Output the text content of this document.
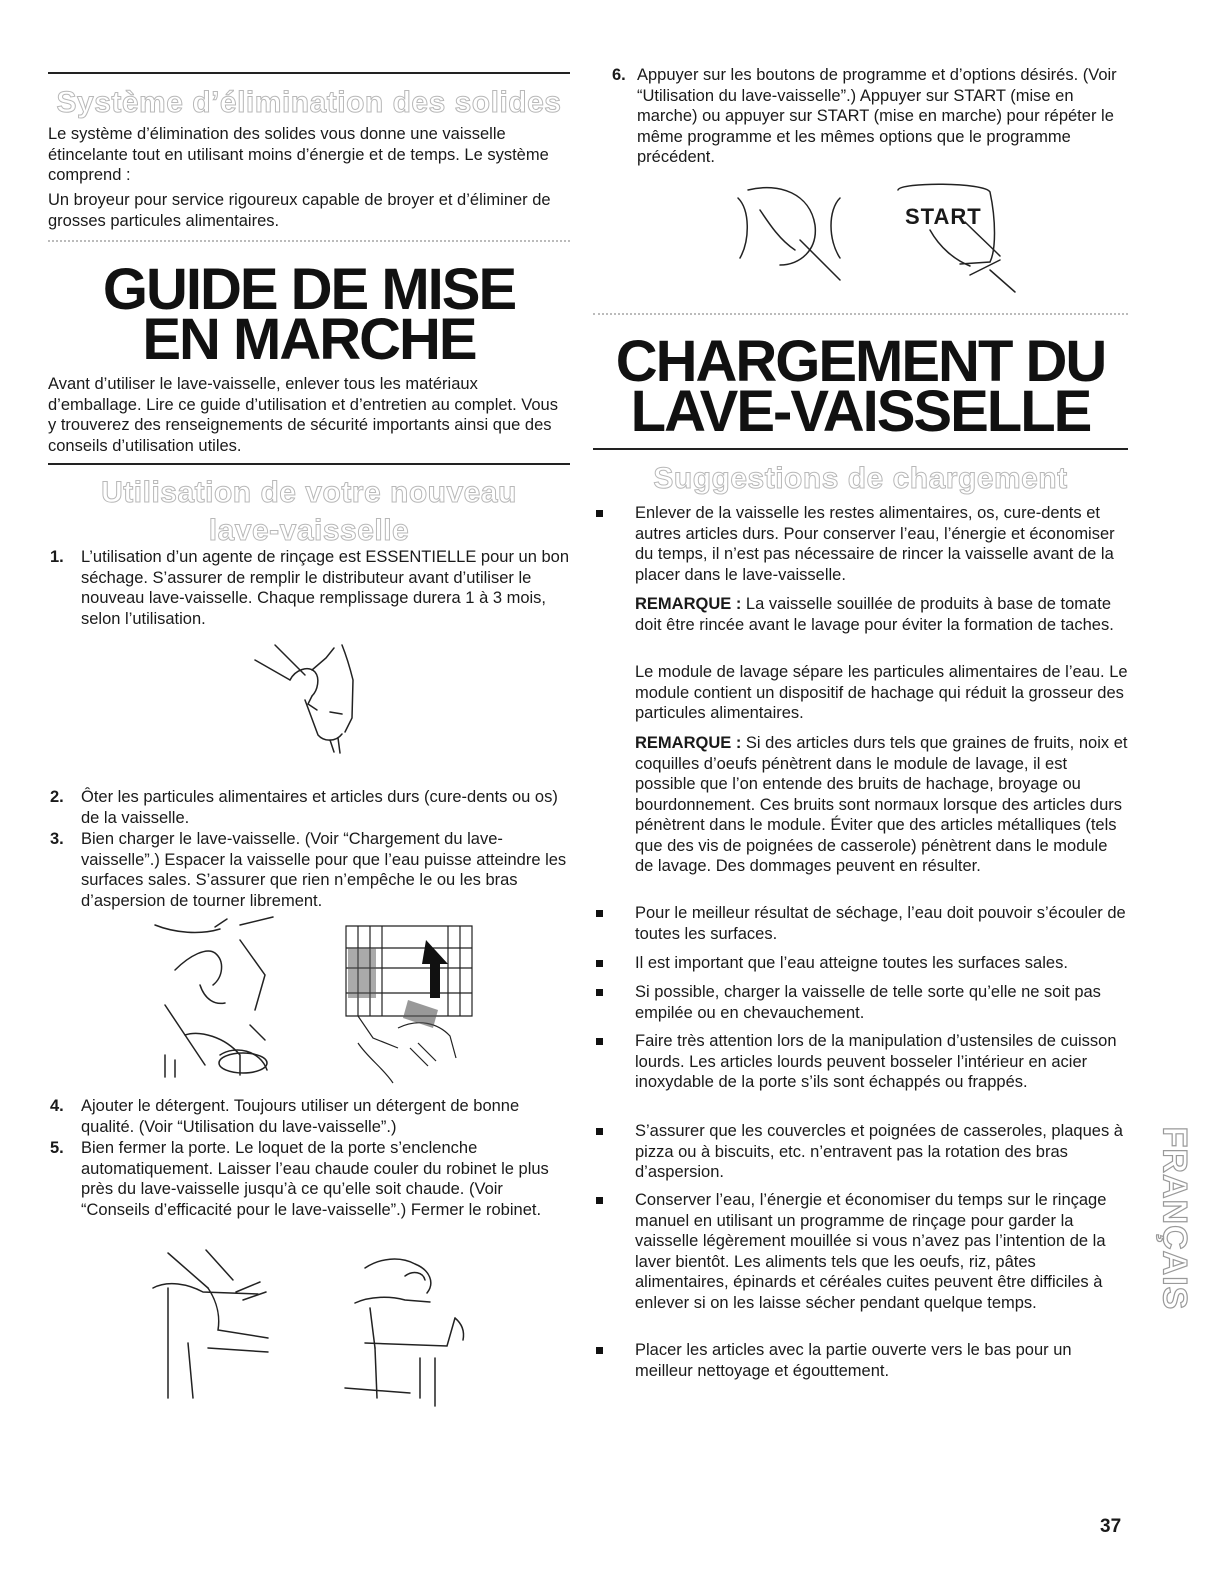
Système d’élimination des solides

Le système d’élimination des solides vous donne une vaisselle étincelante tout en utilisant moins d’énergie et de temps. Le système comprend :

Un broyeur pour service rigoureux capable de broyer et d’éliminer de grosses particules alimentaires.

GUIDE DE MISE
EN MARCHE

Avant d’utiliser le lave-vaisselle, enlever tous les matériaux d’emballage. Lire ce guide d’utilisation et d’entretien au complet. Vous y trouverez des renseignements de sécurité importants ainsi que des conseils d’utilisation utiles.

Utilisation de votre nouveau
lave-vaisselle
1. L’utilisation d’un agente de rinçage est ESSENTIELLE pour un bon séchage. S’assurer de remplir le distributeur avant d’utiliser le nouveau lave-vaisselle. Chaque remplissage durera 1 à 3 mois, selon l’utilisation.
2. Ôter les particules alimentaires et articles durs (cure-dents ou os) de la vaisselle.
3. Bien charger le lave-vaisselle. (Voir “Chargement du lave-vaisselle”.) Espacer la vaisselle pour que l’eau puisse atteindre les surfaces sales. S’assurer que rien n’empêche le ou les bras d’aspersion de tourner librement.
4. Ajouter le détergent. Toujours utiliser un détergent de bonne qualité. (Voir “Utilisation du lave-vaisselle”.)
5. Bien fermer la porte. Le loquet de la porte s’enclenche automatiquement. Laisser l’eau chaude couler du robinet le plus près du lave-vaisselle jusqu’à ce qu’elle soit chaude. (Voir “Conseils d’efficacité pour le lave-vaisselle”.) Fermer le robinet.
6. Appuyer sur les boutons de programme et d’options désirés. (Voir “Utilisation du lave-vaisselle”.) Appuyer sur START (mise en marche) ou appuyer sur START (mise en marche) pour répéter le même programme et les mêmes options que le programme précédent.
START
CHARGEMENT DU
LAVE-VAISSELLE
Suggestions de chargement
Enlever de la vaisselle les restes alimentaires, os, cure-dents et autres articles durs. Pour conserver l’eau, l’énergie et économiser du temps, il n’est pas nécessaire de rincer la vaisselle avant de la placer dans le lave-vaisselle.

REMARQUE : La vaisselle souillée de produits à base de tomate doit être rincée avant le lavage pour éviter la formation de taches.

Le module de lavage sépare les particules alimentaires de l’eau. Le module contient un dispositif de hachage qui réduit la grosseur des particules alimentaires.

REMARQUE : Si des articles durs tels que graines de fruits, noix et coquilles d’oeufs pénètrent dans le module de lavage, il est possible que l’on entende des bruits de hachage, broyage ou bourdonnement. Ces bruits sont normaux lorsque des articles durs pénètrent dans le module. Éviter que des articles métalliques (tels que des vis de poignées de casserole) pénètrent dans le module de lavage. Des dommages peuvent en résulter.

Pour le meilleur résultat de séchage, l’eau doit pouvoir s’écouler de toutes les surfaces.
Il est important que l’eau atteigne toutes les surfaces sales.
Si possible, charger la vaisselle de telle sorte qu’elle ne soit pas empilée ou en chevauchement.
Faire très attention lors de la manipulation d’ustensiles de cuisson lourds. Les articles lourds peuvent bosseler l’intérieur en acier inoxydable de la porte s’ils sont échappés ou frappés.
S’assurer que les couvercles et poignées de casseroles, plaques à pizza ou à biscuits, etc. n’entravent pas la rotation des bras d’aspersion.
Conserver l’eau, l’énergie et économiser du temps sur le rinçage manuel en utilisant un programme de rinçage pour garder la vaisselle légèrement mouillée si vous n’avez pas l’intention de la laver bientôt. Les aliments tels que les oeufs, riz, pâtes alimentaires, épinards et céréales cuites peuvent être difficiles à enlever si on les laisse sécher pendant quelque temps.
Placer les articles avec la partie ouverte vers le bas pour un meilleur nettoyage et égouttement.
FRANÇAIS
37
